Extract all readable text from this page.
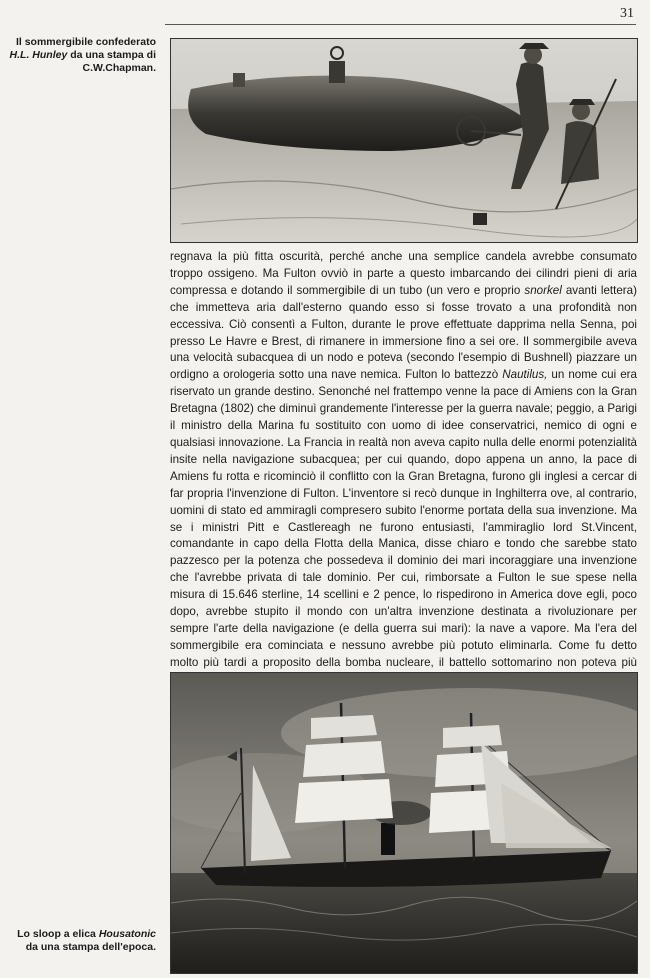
31
Il sommergibile confederato H.L. Hunley da una stampa di C.W.Chapman.

regnava la più fitta oscurità, perché anche una semplice candela avrebbe consumato troppo ossigeno. Ma Fulton ovviò in parte a questo imbarcando dei cilindri pieni di aria compressa e dotando il sommergibile di un tubo (un vero e proprio snorkel avanti lettera) che immetteva aria dall'esterno quando esso si fosse trovato a una profondità non eccessiva. Ciò consentì a Fulton, durante le prove effettuate dapprima nella Senna, poi presso Le Havre e Brest, di rimanere in immersione fino a sei ore. Il sommergibile aveva una velocità subacquea di un nodo e poteva (secondo l'esempio di Bushnell) piazzare un ordigno a orologeria sotto una nave nemica. Fulton lo battezzò Nautilus, un nome cui era riservato un grande destino. Senonché nel frattempo venne la pace di Amiens con la Gran Bretagna (1802) che diminuì grandemente l'interesse per la guerra navale; peggio, a Parigi il ministro della Marina fu sostituito con uomo di idee conservatrici, nemico di ogni e qualsiasi innovazione. La Francia in realtà non aveva capito nulla delle enormi potenzialità insite nella navigazione subacquea; per cui quando, dopo appena un anno, la pace di Amiens fu rotta e ricominciò il conflitto con la Gran Bretagna, furono gli inglesi a cercar di far propria l'invenzione di Fulton. L'inventore si recò dunque in Inghilterra ove, al contrario, uomini di stato ed ammiragli compresero subito l'enorme portata della sua invenzione. Ma se i ministri Pitt e Castlereagh ne furono entusiasti, l'ammiraglio lord St.Vincent, comandante in capo della Flotta della Manica, disse chiaro e tondo che sarebbe stato pazzesco per la potenza che possedeva il dominio dei mari incoraggiare una invenzione che l'avrebbe privata di tale dominio. Per cui, rimborsate a Fulton le sue spese nella misura di 15.646 sterline, 14 scellini e 2 pence, lo rispedirono in America dove egli, poco dopo, avrebbe stupito il mondo con un'altra invenzione destinata a rivoluzionare per sempre l'arte della navigazione (e della guerra sui mari): la nave a vapore. Ma l'era del sommergibile era cominciata e nessuno avrebbe più potuto eliminarla. Come fu detto molto più tardi a proposito della bomba nucleare, il battello sottomarino non poteva più

Lo sloop a elica Housatonic da una stampa dell'epoca.
